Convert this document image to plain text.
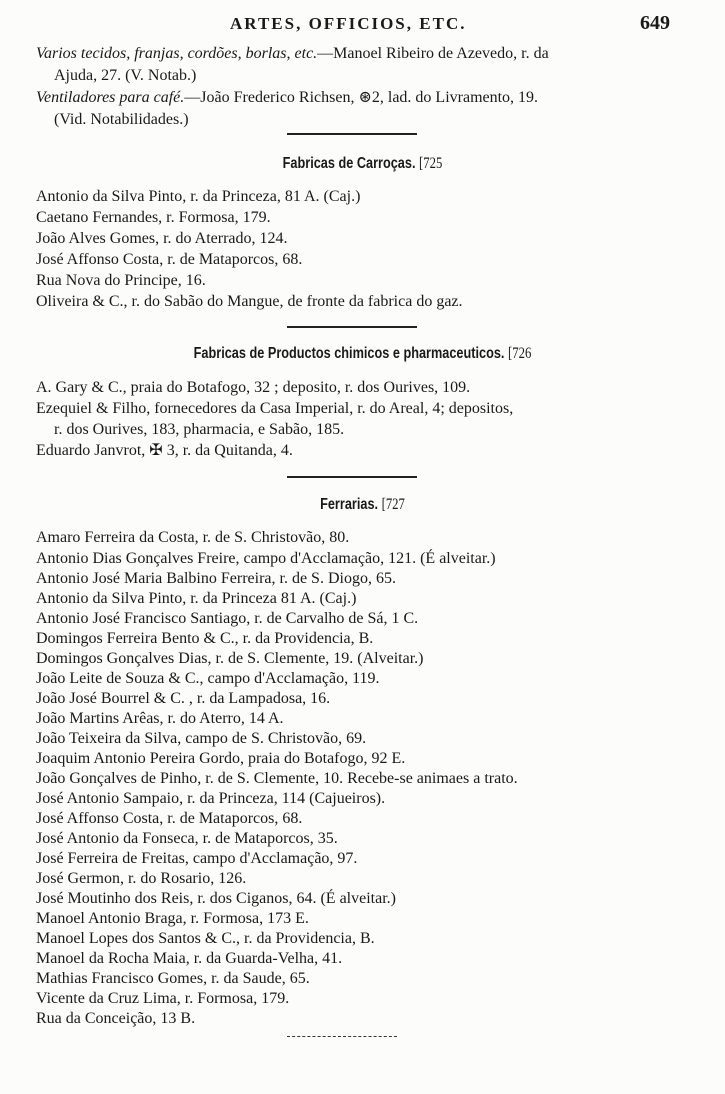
ARTES, OFFICIOS, ETC.	649
Varios tecidos, franjas, cordões, borlas, etc.—Manoel Ribeiro de Azevedo, r. da
Ajuda, 27. (V. Notab.)
Ventiladores para café.—João Frederico Richsen, ⊛2, lad. do Livramento, 19.
(Vid. Notabilidades.)
Fabricas de Carroças. [725
Antonio da Silva Pinto, r. da Princeza, 81 A. (Caj.)
Caetano Fernandes, r. Formosa, 179.
João Alves Gomes, r. do Aterrado, 124.
José Affonso Costa, r. de Mataporcos, 68.
Rua Nova do Principe, 16.
Oliveira & C., r. do Sabão do Mangue, de fronte da fabrica do gaz.
Fabricas de Productos chimicos e pharmaceuticos. [726
A. Gary & C., praia do Botafogo, 32 ; deposito, r. dos Ourives, 109.
Ezequiel & Filho, fornecedores da Casa Imperial, r. do Areal, 4; depositos,
r. dos Ourives, 183, pharmacia, e Sabão, 185.
Eduardo Janvrot, ✠ 3, r. da Quitanda, 4.
Ferrarias. [727
Amaro Ferreira da Costa, r. de S. Christovão, 80.
Antonio Dias Gonçalves Freire, campo d'Acclamação, 121. (É alveitar.)
Antonio José Maria Balbino Ferreira, r. de S. Diogo, 65.
Antonio da Silva Pinto, r. da Princeza 81 A. (Caj.)
Antonio José Francisco Santiago, r. de Carvalho de Sá, 1 C.
Domingos Ferreira Bento & C., r. da Providencia, B.
Domingos Gonçalves Dias, r. de S. Clemente, 19. (Alveitar.)
João Leite de Souza & C., campo d'Acclamação, 119.
João José Bourrel & C. , r. da Lampadosa, 16.
João Martins Arêas, r. do Aterro, 14 A.
João Teixeira da Silva, campo de S. Christovão, 69.
Joaquim Antonio Pereira Gordo, praia do Botafogo, 92 E.
João Gonçalves de Pinho, r. de S. Clemente, 10. Recebe-se animaes a trato.
José Antonio Sampaio, r. da Princeza, 114 (Cajueiros).
José Affonso Costa, r. de Mataporcos, 68.
José Antonio da Fonseca, r. de Mataporcos, 35.
José Ferreira de Freitas, campo d'Acclamação, 97.
José Germon, r. do Rosario, 126.
José Moutinho dos Reis, r. dos Ciganos, 64. (É alveitar.)
Manoel Antonio Braga, r. Formosa, 173 E.
Manoel Lopes dos Santos & C., r. da Providencia, B.
Manoel da Rocha Maia, r. da Guarda-Velha, 41.
Mathias Francisco Gomes, r. da Saude, 65.
Vicente da Cruz Lima, r. Formosa, 179.
Rua da Conceição, 13 B.
